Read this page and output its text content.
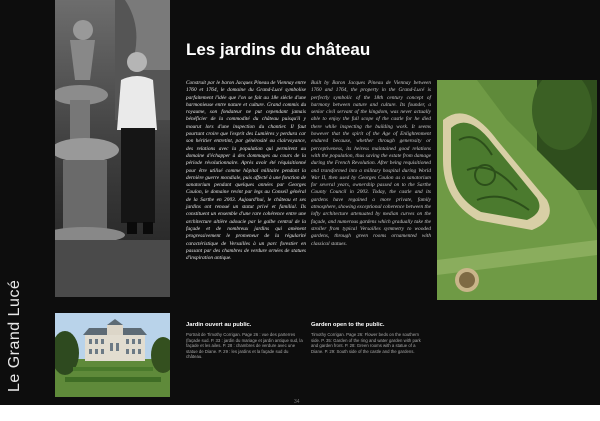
Le Grand Lucé
Les jardins du château
Construit par le baron Jacques Pineau de Viennay entre 1760 et 1764, le domaine du Grand-Lucé symbolise parfaitement l'idée que l'on se fait au 18e siècle d'une harmonieuse entre nature et culture. Grand commis du royaume, son fondateur ne put cependant jamais bénéficier de la commodité du château puisqu'il y mourut lors d'une inspection du chantier. Il faut pourtant croire que l'esprit des Lumières y perdura car son héritier entretint, par générosité ou clairvoyance, des relations avec la population qui permirent au domaine d'échapper à des dommages au cours de la période révolutionnaire. Après avoir été réquisitionné pour être utilisé comme hôpital militaire pendant la dernière guerre mondiale, puis affecté à une fonction de sanatorium pendant quelques années par Georges Coulon, le domaine revint par legs au Conseil général de la Sarthe en 2003. Aujourd'hui, le château et ses jardins ont renoué un statut privé et familial. Ils constituent un ensemble d'une rare cohérence entre une architecture altière adoucie par le galbe central de la façade et de nombreux jardins qui amènent progressivement le promeneur de la régularité caractéristique de Versailles à un parc forestier en passant par des chambres de verdure ornées de statues d'inspiration antique.
Built by Baron Jacques Pineau de Viennay between 1760 and 1764, the property in the Grand-Lucé is perfectly symbolic of the 18th century concept of harmony between nature and culture. Its founder, a senior civil servant of the kingdom, was never actually able to enjoy the full scope of the castle for he died there while inspecting the building work. It seems however that the spirit of the Age of Enlightenment endured because, whether through generosity or perceptiveness, its heiress maintained good relations with the population, thus saving the estate from damage during the French Revolution. After being requisitioned and transformed into a military hospital during World War II, then used by Georges Coulon as a sanatorium for several years, ownership passed on to the Sarthe County Council in 2003. Today, the castle and its gardens have regained a more private, family atmosphere, showing exceptional coherence between the lofty architecture attenuated by median curves on the façade, and numerous gardens which gradually take the stroller from typical Versailles symmetry to wooded gardens, through green rooms ornamented with classical statues.
Jardin ouvert au public.	Garden open to the public.
Portrait de Timothy Corrigan. Page 26 : vue des parterres (façade sud. P. 33 : jardin du mariage et jardin antique sud, la façade et les ailes. P. 28 : chambres de verdure avec une statue de Diane. P. 29 : les jardins et la façade sud du château.
Timothy Corrigan. Page 26: Flower beds on the southern side. P. 35: Garden of the ring and water garden with park and garden front. P. 28: Green rooms with a statue of a Diane. P. 29: South side of the castle and the gardens.
34
